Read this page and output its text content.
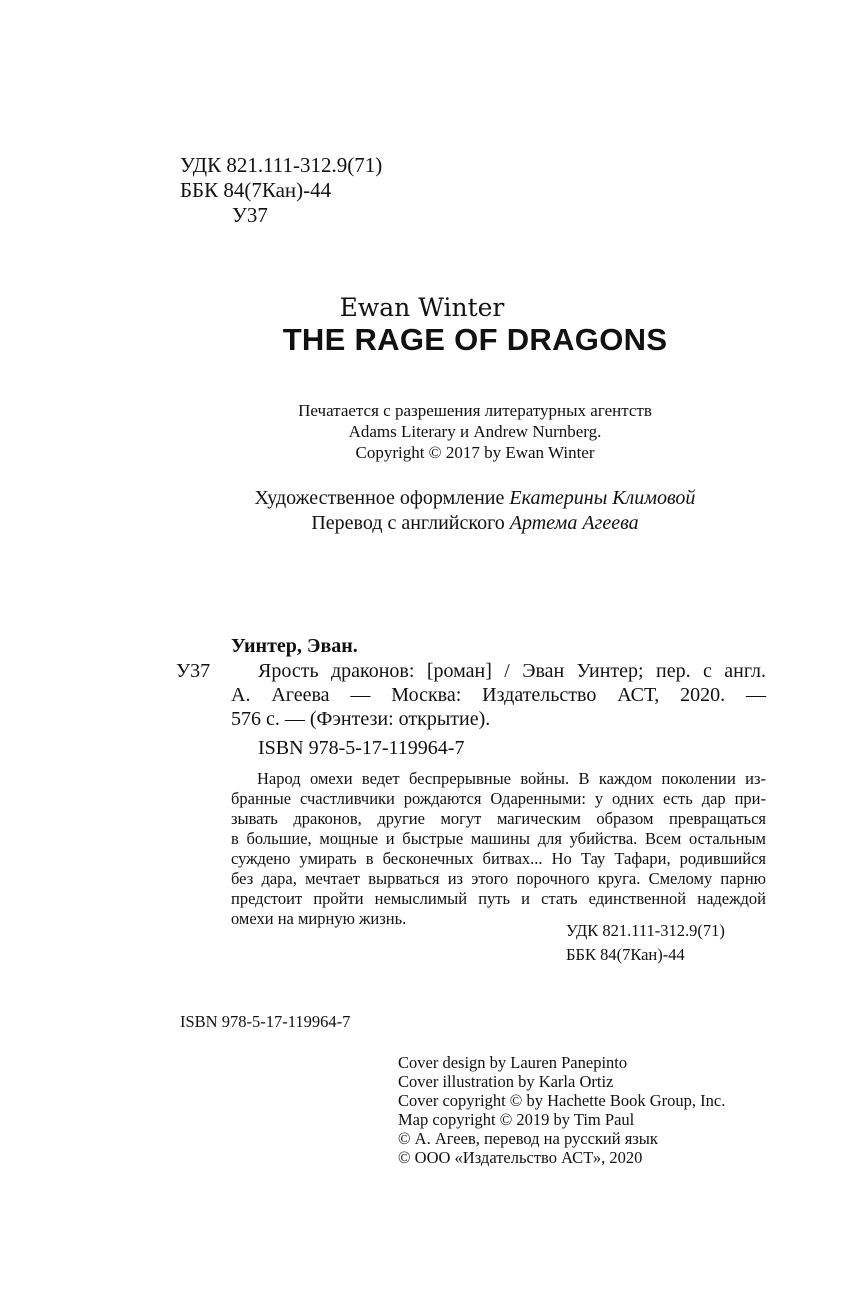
УДК 821.111-312.9(71)
ББК 84(7Кан)-44
У37
Ewan Winter
THE RAGE OF DRAGONS
Печатается с разрешения литературных агентств
Adams Literary и Andrew Nurnberg.
Copyright © 2017 by Ewan Winter
Художественное оформление Екатерины Климовой
Перевод с английского Артема Агеева
Уинтер, Эван.
У37 Ярость драконов: [роман] / Эван Уинтер; пер. с англ.
А. Агеева — Москва: Издательство АСТ, 2020. —
576 с. — (Фэнтези: открытие).
ISBN 978-5-17-119964-7
Народ омехи ведет беспрерывные войны. В каждом поколении из-
бранные счастливчики рождаются Одаренными: у одних есть дар при-
зывать драконов, другие могут магическим образом превращаться
в большие, мощные и быстрые машины для убийства. Всем остальным
суждено умирать в бесконечных битвах... Но Тау Тафари, родившийся
без дара, мечтает вырваться из этого порочного круга. Смелому парню
предстоит пройти немыслимый путь и стать единственной надеждой
омехи на мирную жизнь.
УДК 821.111-312.9(71)
ББК 84(7Кан)-44
ISBN 978-5-17-119964-7
Cover design by Lauren Panepinto
Cover illustration by Karla Ortiz
Cover copyright © by Hachette Book Group, Inc.
Map copyright © 2019 by Tim Paul
© А. Агеев, перевод на русский язык
© ООО «Издательство АСТ», 2020
